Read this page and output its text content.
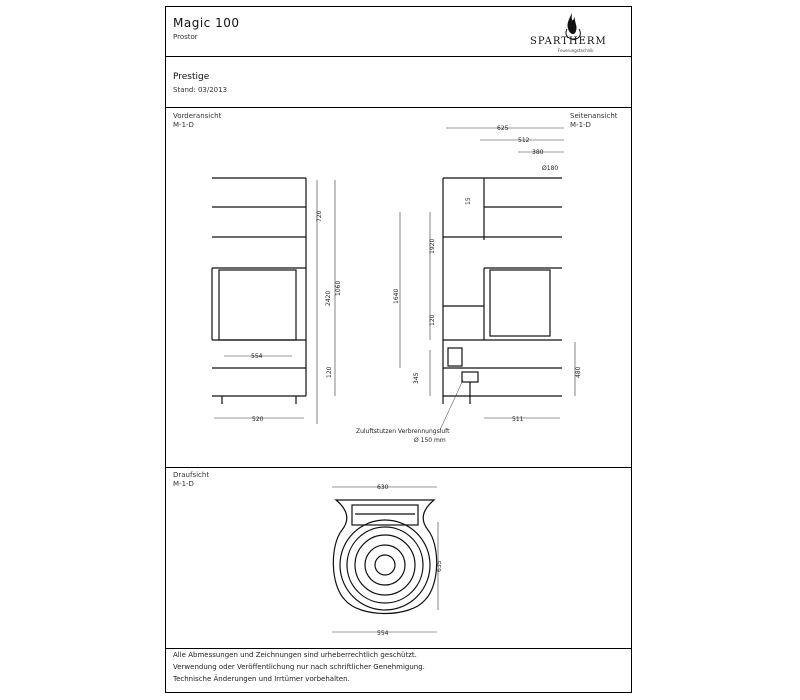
Magic 100
Prostor	SPARTHERM
Feuerungstechnik
Prestige
Stand: 03/2013
Vorderansicht
M-1-D
Seitenansicht
M-1-D
Draufsicht
M-1-D
Alle Abmessungen und Zeichnungen sind urheberrechtlich geschützt.
Verwendung oder Veröffentlichung nur nach schriftlicher Genehmigung.
Technische Änderungen und Irrtümer vorbehalten.
720
1060
2420
120
554
520
625
512
380
Ø180
15
1640
1920
120
345
480
511
Zuluftstutzen Verbrennungsluft
Ø 150 mm
630
554
635
